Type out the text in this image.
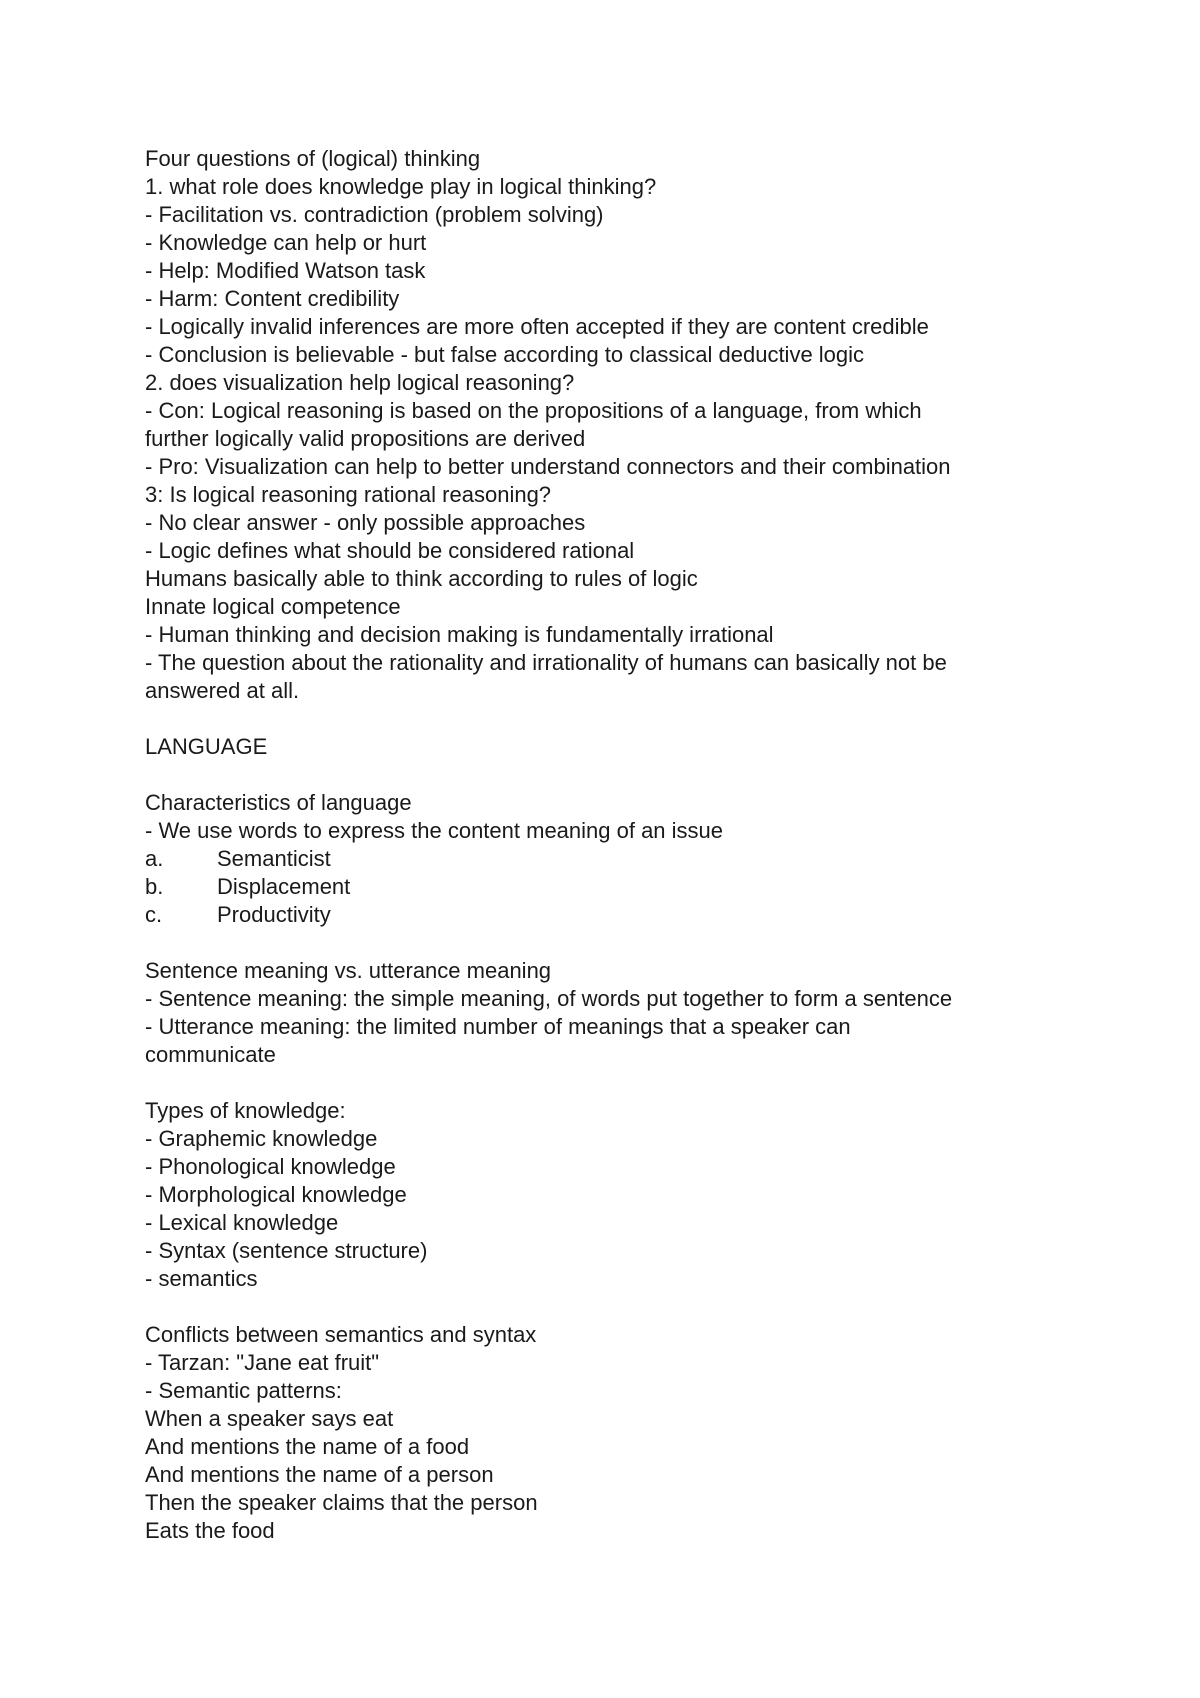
Four questions of (logical) thinking
1. what role does knowledge play in logical thinking?
- Facilitation vs. contradiction (problem solving)
- Knowledge can help or hurt
- Help: Modified Watson task
- Harm: Content credibility
- Logically invalid inferences are more often accepted if they are content credible
- Conclusion is believable - but false according to classical deductive logic
2. does visualization help logical reasoning?
- Con: Logical reasoning is based on the propositions of a language, from which
further logically valid propositions are derived
- Pro: Visualization can help to better understand connectors and their combination
3: Is logical reasoning rational reasoning?
- No clear answer - only possible approaches
- Logic defines what should be considered rational
Humans basically able to think according to rules of logic
Innate logical competence
- Human thinking and decision making is fundamentally irrational
- The question about the rationality and irrationality of humans can basically not be
answered at all.
LANGUAGE
Characteristics of language
- We use words to express the content meaning of an issue
a. Semanticist
b. Displacement
c. Productivity
Sentence meaning vs. utterance meaning
- Sentence meaning: the simple meaning, of words put together to form a sentence
- Utterance meaning: the limited number of meanings that a speaker can
communicate
Types of knowledge:
- Graphemic knowledge
- Phonological knowledge
- Morphological knowledge
- Lexical knowledge
- Syntax (sentence structure)
- semantics
Conflicts between semantics and syntax
- Tarzan: "Jane eat fruit"
- Semantic patterns:
When a speaker says eat
And mentions the name of a food
And mentions the name of a person
Then the speaker claims that the person
Eats the food
